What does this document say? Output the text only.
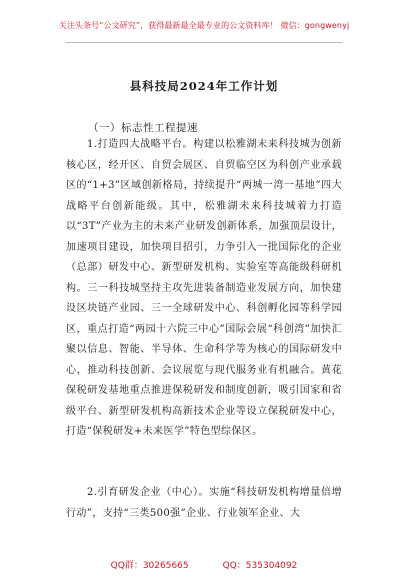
关注头条号“公文研究”，获得最新最全最专业的公文资料库！ 微信：gongwenyj
县科技局2024年工作计划
（一）标志性工程提速
1.打造四大战略平台。构建以松雅湖未来科技城为创新核心区，经开区、自贸会展区、自贸临空区为科创产业承载区的“1+3”区域创新格局，持续提升“两城一湾一基地”四大战略平台创新能级。其中，松雅湖未来科技城着力打造以“3T”产业为主的未来产业研发创新体系，加强顶层设计，加速项目建设，加快项目招引，力争引入一批国际化的企业（总部）研发中心、新型研发机构、实验室等高能级科研机构。三一科技城坚持主攻先进装备制造业发展方向，加快建设区块链产业园、三一全球研发中心、科创孵化园等科学园区，重点打造“两园十六院三中心”国际会展“科创湾”加快汇聚以信息、智能、半导体、生命科学等为核心的国际研发中心，推动科技创新、会议展览与现代服务业有机融合。黄花保税研发基地重点推进保税研发和制度创新，吸引国家和省级平台、新型研发机构高新技术企业等设立保税研发中心，打造“保税研发+未来医学”特色型综保区。
2.引育研发企业（中心）。实施“科技研发机构增量倍增行动”，支持“三类500强”企业、行业领军企业、大
QQ群：30265665	QQ：535304092
